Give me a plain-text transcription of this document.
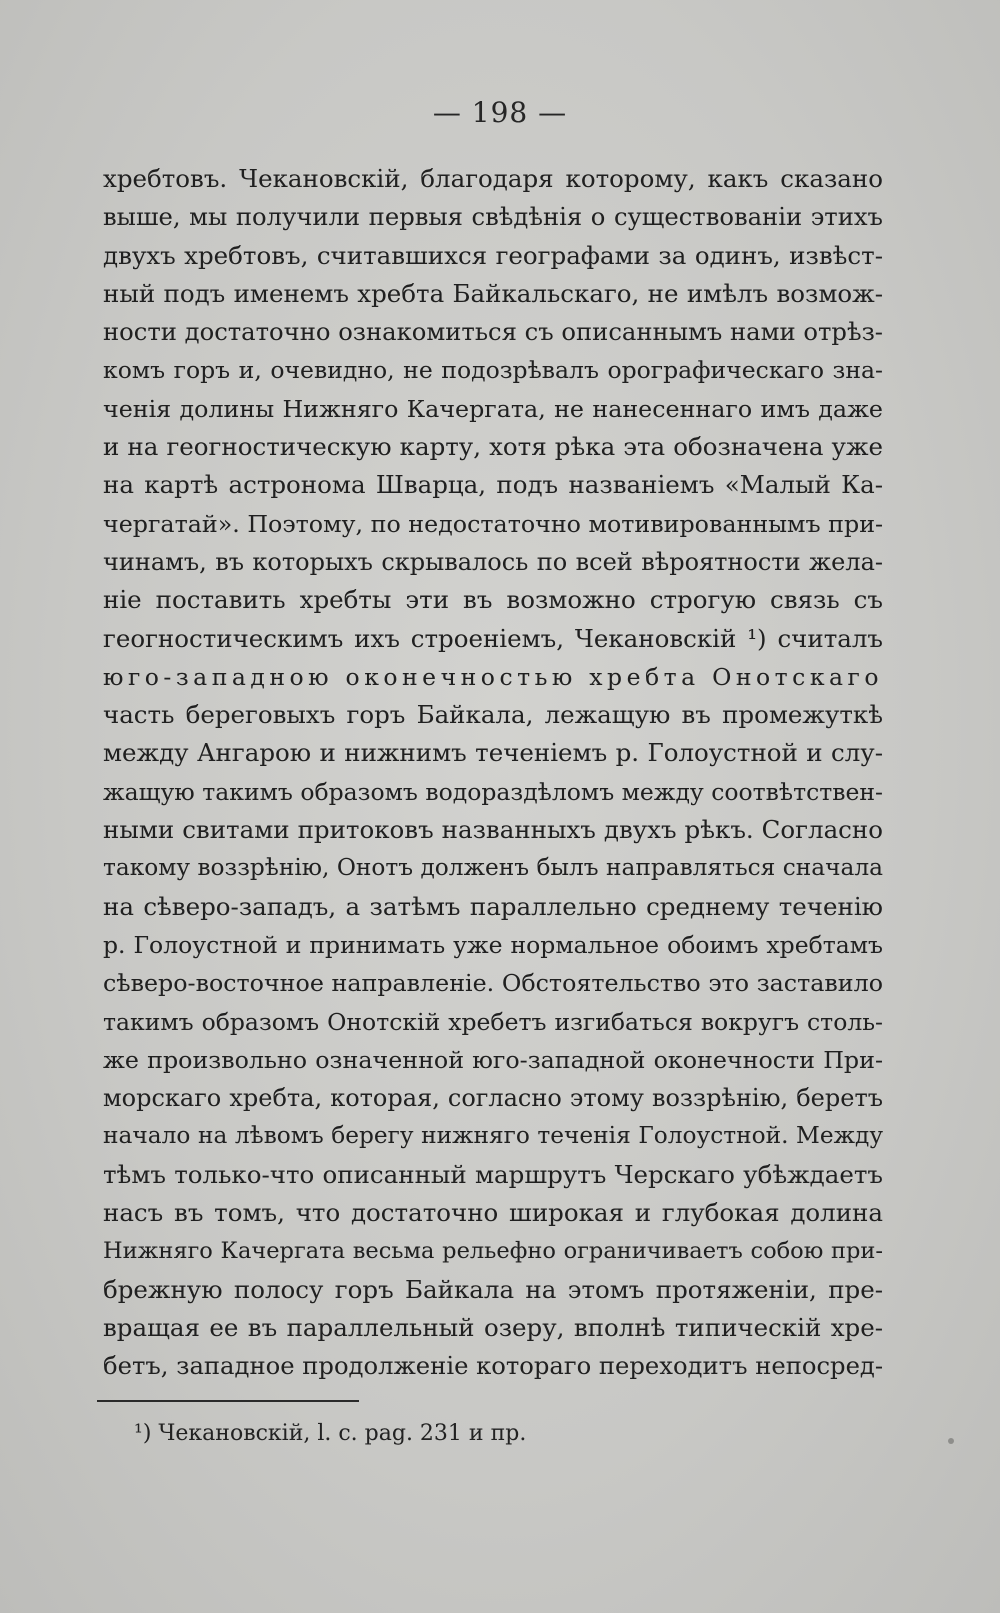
— 198 —
хребтовъ. Чекановскій, благодаря которому, какъ сказано
выше, мы получили первыя свѣдѣнія о существованіи этихъ
двухъ хребтовъ, считавшихся географами за одинъ, извѣст-
ный подъ именемъ хребта Байкальскаго, не имѣлъ возмож-
ности достаточно ознакомиться съ описаннымъ нами отрѣз-
комъ горъ и, очевидно, не подозрѣвалъ орографическаго зна-
ченія долины Нижняго Качергата, не нанесеннаго имъ даже
и на геогностическую карту, хотя рѣка эта обозначена уже
на картѣ астронома Шварца, подъ названіемъ «Малый Ка-
чергатай». Поэтому, по недостаточно мотивированнымъ при-
чинамъ, въ которыхъ скрывалось по всей вѣроятности жела-
ніе поставить хребты эти въ возможно строгую связь съ
геогностическимъ ихъ строеніемъ, Чекановскій ¹) считалъ
юго-западною оконечностью хребта Онотскаго
часть береговыхъ горъ Байкала, лежащую въ промежуткѣ
между Ангарою и нижнимъ теченіемъ р. Голоустной и слу-
жащую такимъ образомъ водораздѣломъ между соотвѣтствен-
ными свитами притоковъ названныхъ двухъ рѣкъ. Согласно
такому воззрѣнію, Онотъ долженъ былъ направляться сначала
на сѣверо-западъ, а затѣмъ параллельно среднему теченію
р. Голоустной и принимать уже нормальное обоимъ хребтамъ
сѣверо-восточное направленіе. Обстоятельство это заставило
такимъ образомъ Онотскій хребетъ изгибаться вокругъ столь-
же произвольно означенной юго-западной оконечности При-
морскаго хребта, которая, согласно этому воззрѣнію, беретъ
начало на лѣвомъ берегу нижняго теченія Голоустной. Между
тѣмъ только-что описанный маршрутъ Черскаго убѣждаетъ
насъ въ томъ, что достаточно широкая и глубокая долина
Нижняго Качергата весьма рельефно ограничиваетъ собою при-
брежную полосу горъ Байкала на этомъ протяженіи, пре-
вращая ее въ параллельный озеру, вполнѣ типическій хре-
бетъ, западное продолженіе котораго переходитъ непосред-
¹) Чекановскій, l. c. pag. 231 и пр.
